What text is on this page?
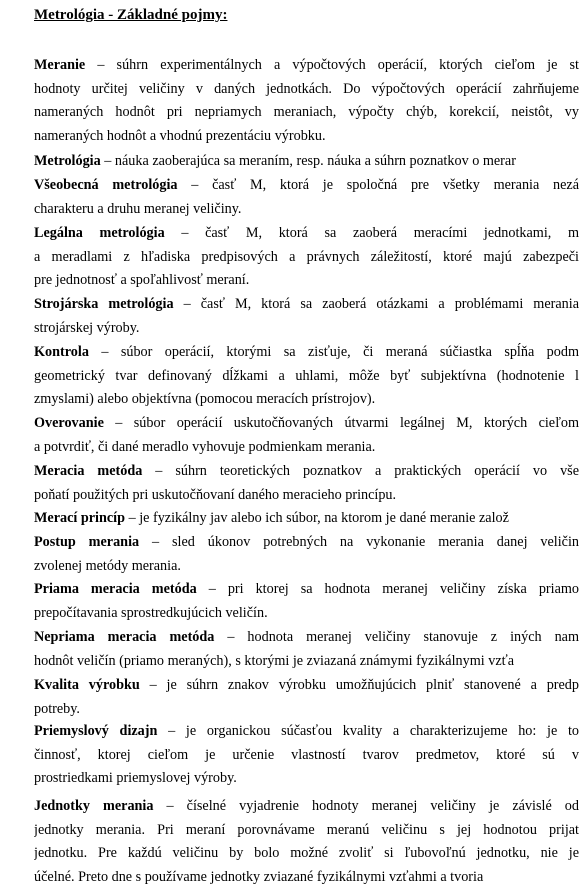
Metrológia - Základné pojmy:
Meranie – súhrn experimentálnych a výpočtových operácií, ktorých cieľom je st
hodnoty určitej veličiny v daných jednotkách. Do výpočtových operácií zahrňujeme
nameraných hodnôt pri nepriamych meraniach, výpočty chýb, korekcií, neistôt, vy
nameraných hodnôt a vhodnú prezentáciu výrobku.
Metrológia – náuka zaoberajúca sa meraním, resp. náuka a súhrn poznatkov o merar
Všeobecná metrológia – časť M, ktorá je spoločná pre všetky merania nezá
charakteru a druhu meranej veličiny.
Legálna metrológia – časť M, ktorá sa zaoberá meracími jednotkami, m
a meradlami z hľadiska predpisových a právnych záležitostí, ktoré majú zabezpeči
pre jednotnosť a spoľahlivosť meraní.
Strojárska metrológia – časť M, ktorá sa zaoberá otázkami a problémami merania
strojárskej výroby.
Kontrola – súbor operácií, ktorými sa zisťuje, či meraná súčiastka spĺňa podm
geometrický tvar definovaný dĺžkami a uhlami, môže byť subjektívna (hodnotenie l
zmyslami) alebo objektívna (pomocou meracích prístrojov).
Overovanie – súbor operácií uskutočňovaných útvarmi legálnej M, ktorých cieľom
a potvrdiť, či dané meradlo vyhovuje podmienkam merania.
Meracia metóda – súhrn teoretických poznatkov a praktických operácií vo vše
poňatí použitých pri uskutočňovaní daného meracieho princípu.
Merací princíp – je fyzikálny jav alebo ich súbor, na ktorom je dané meranie založ
Postup merania – sled úkonov potrebných na vykonanie merania danej veličin
zvolenej metódy merania.
Priama meracia metóda – pri ktorej sa hodnota meranej veličiny získa priamo
prepočítavania sprostredkujúcich veličín.
Nepriama meracia metóda – hodnota meranej veličiny stanovuje z iných nam
hodnôt veličín (priamo meraných), s ktorými je zviazaná známymi fyzikálnymi vzťa
Kvalita výrobku – je súhrn znakov výrobku umožňujúcich plniť stanovené a predp
potreby.
Priemyslový dizajn – je organickou súčasťou kvality a charakterizujeme ho: je to
činnosť, ktorej cieľom je určenie vlastností tvarov predmetov, ktoré sú v
prostriedkami priemyslovej výroby.
Jednotky merania – číselné vyjadrenie hodnoty meranej veličiny je závislé od
jednotky merania. Pri meraní porovnávame meranú veličinu s jej hodnotou prijat
jednotku. Pre každú veličinu by bolo možné zvoliť si ľubovoľnú jednotku, nie je
účelné. Preto dne s používame jednotky zviazané fyzikálnymi vzťahmi a tvoria
